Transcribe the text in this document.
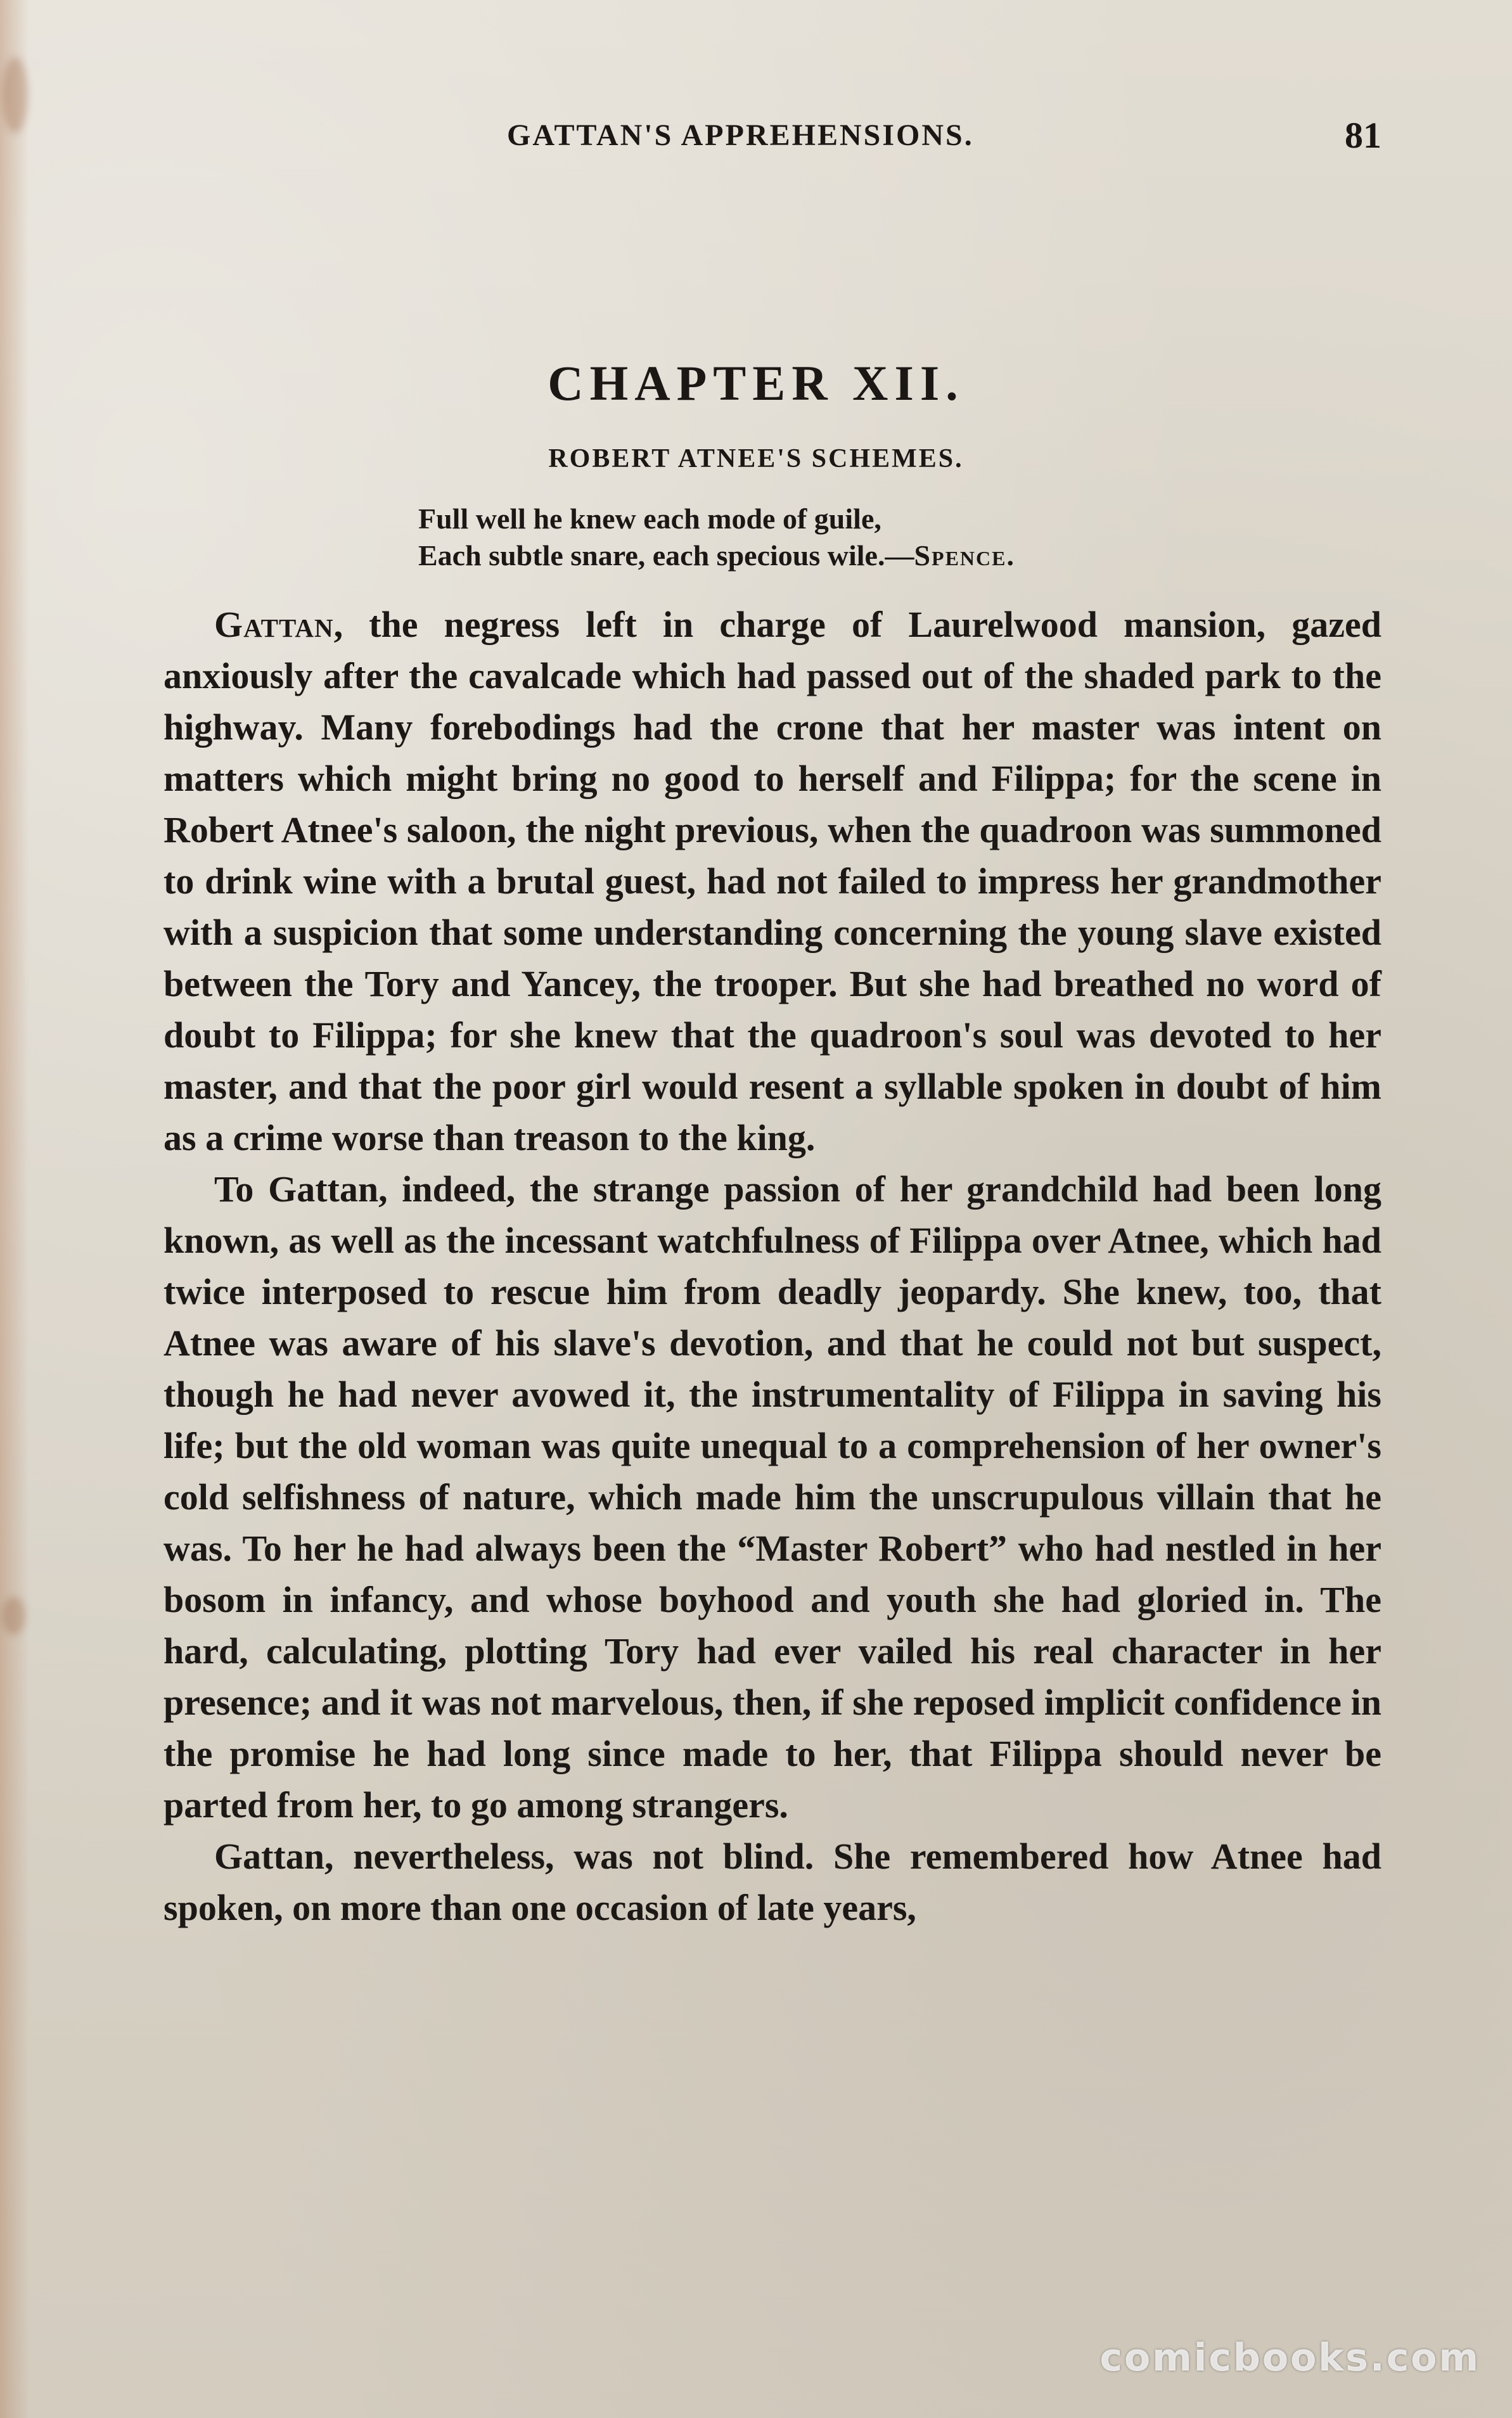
GATTAN'S APPREHENSIONS.	81
CHAPTER XII.
ROBERT ATNEE'S SCHEMES.
Full well he knew each mode of guile,
Each subtle snare, each specious wile.—Spence.

Gattan, the negress left in charge of Laurelwood mansion, gazed anxiously after the cavalcade which had passed out of the shaded park to the highway. Many forebodings had the crone that her master was intent on matters which might bring no good to herself and Filippa; for the scene in Robert Atnee's saloon, the night previous, when the quadroon was summoned to drink wine with a brutal guest, had not failed to impress her grandmother with a suspicion that some understanding concerning the young slave existed between the Tory and Yancey, the trooper. But she had breathed no word of doubt to Filippa; for she knew that the quadroon's soul was devoted to her master, and that the poor girl would resent a syllable spoken in doubt of him as a crime worse than treason to the king.

To Gattan, indeed, the strange passion of her grandchild had been long known, as well as the incessant watchfulness of Filippa over Atnee, which had twice interposed to rescue him from deadly jeopardy. She knew, too, that Atnee was aware of his slave's devotion, and that he could not but suspect, though he had never avowed it, the instrumentality of Filippa in saving his life; but the old woman was quite unequal to a comprehension of her owner's cold selfishness of nature, which made him the unscrupulous villain that he was. To her he had always been the “Master Robert” who had nestled in her bosom in infancy, and whose boyhood and youth she had gloried in. The hard, calculating, plotting Tory had ever vailed his real character in her presence; and it was not marvelous, then, if she reposed implicit confidence in the promise he had long since made to her, that Filippa should never be parted from her, to go among strangers.

Gattan, nevertheless, was not blind. She remembered how Atnee had spoken, on more than one occasion of late years,

comicbooks.com
